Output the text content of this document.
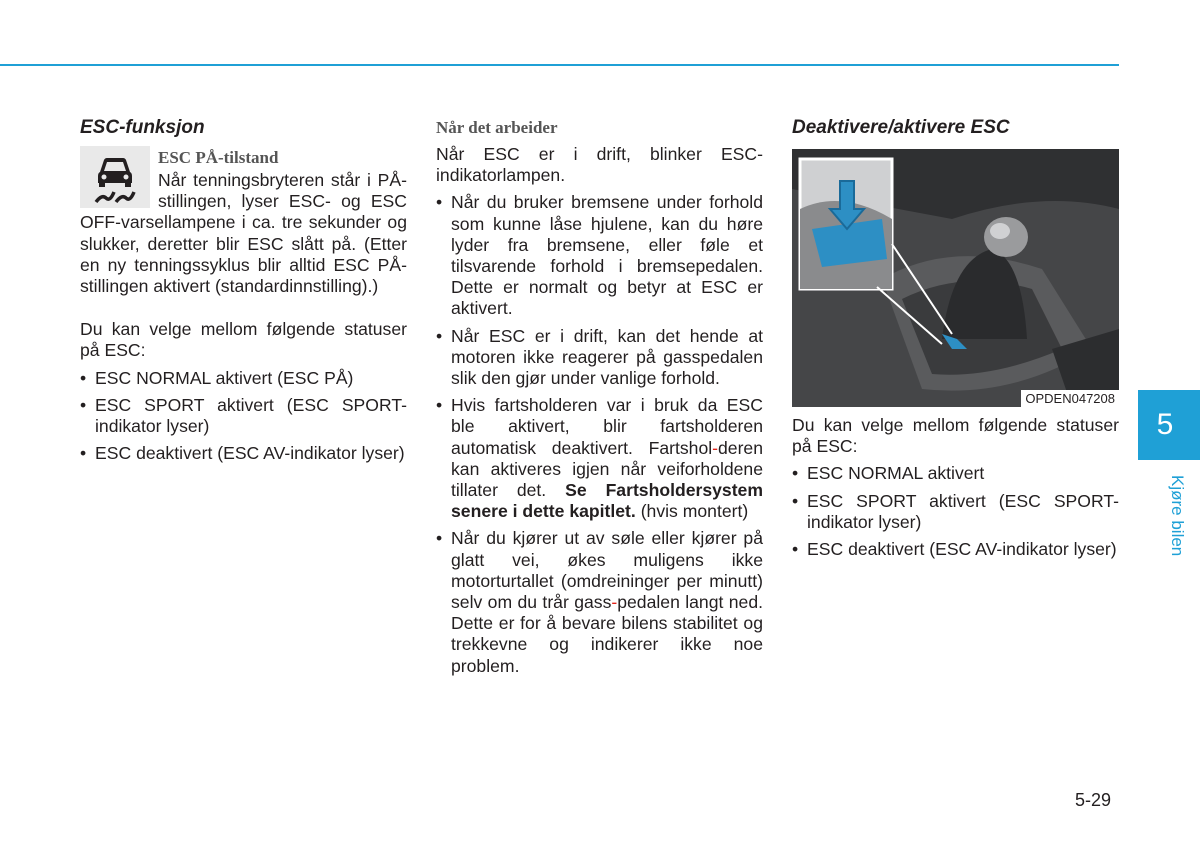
ESC-funksjon
ESC PÅ-tilstand

Når tenningsbryteren står i PÅ-stillingen, lyser ESC- og ESC OFF-varsellampene i ca. tre sekunder og slukker, deretter blir ESC slått på. (Etter en ny tenningssyklus blir alltid ESC PÅ-stillingen aktivert (standardinnstilling).)

Du kan velge mellom følgende statuser på ESC:

• ESC NORMAL aktivert (ESC PÅ)
• ESC SPORT aktivert (ESC SPORT-indikator lyser)
• ESC deaktivert (ESC AV-indikator lyser)
Når det arbeider

Når ESC er i drift, blinker ESC-indikatorlampen.

• Når du bruker bremsene under forhold som kunne låse hjulene, kan du høre lyder fra bremsene, eller føle et tilsvarende forhold i bremsepedalen. Dette er normalt og betyr at ESC er aktivert.
• Når ESC er i drift, kan det hende at motoren ikke reagerer på gasspedalen slik den gjør under vanlige forhold.
• Hvis fartsholderen var i bruk da ESC ble aktivert, blir fartsholderen automatisk deaktivert. Fartshol-deren kan aktiveres igjen når veiforholdene tillater det. Se Fartsholdersystem senere i dette kapitlet. (hvis montert)
• Når du kjører ut av søle eller kjører på glatt vei, økes muligens ikke motorturtallet (omdreininger per minutt) selv om du trår gass-pedalen langt ned. Dette er for å bevare bilens stabilitet og trekkevne og indikerer ikke noe problem.
Deaktivere/aktivere ESC
OPDEN047208

Du kan velge mellom følgende statuser på ESC:

• ESC NORMAL aktivert
• ESC SPORT aktivert (ESC SPORT-indikator lyser)
• ESC deaktivert (ESC AV-indikator lyser)
5
Kjøre bilen
5-29
